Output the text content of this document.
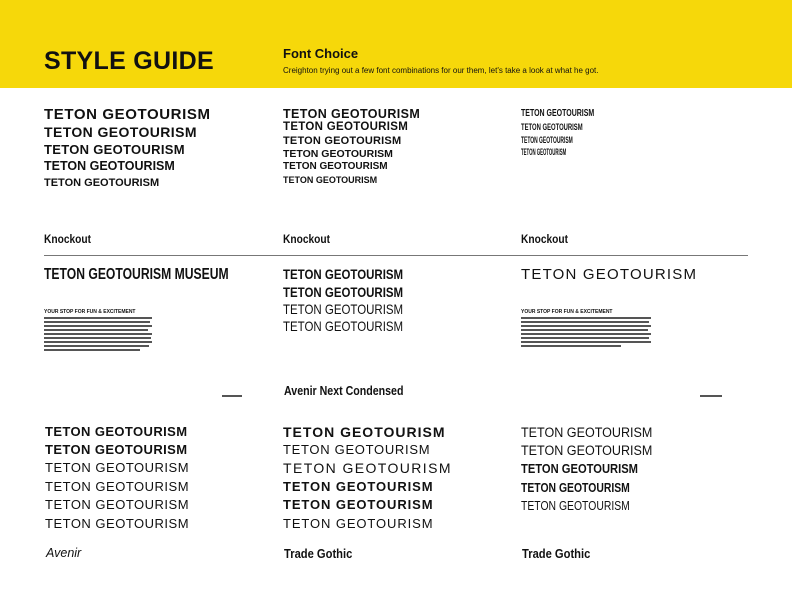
STYLE GUIDE	Font Choice
Creighton trying out a few font combinations for our them, let's take a look at what he got.
TETON GEOTOURISM
TETON GEOTOURISM
TETON GEOTOURISM
TETON GEOTOURISM
TETON GEOTOURISM
TETON GEOTOURISM
TETON GEOTOURISM
TETON GEOTOURISM
TETON GEOTOURISM
TETON GEOTOURISM
TETON GEOTOURISM
TETON GEOTOURISM
TETON GEOTOURISM
TETON GEOTOURISM
TETON GEOTOURISM
Knockout	Knockout	Knockout
TETON GEOTOURISM MUSEUM
YOUR STOP FOR FUN & EXCITEMENT
TETON GEOTOURISM
TETON GEOTOURISM
TETON GEOTOURISM
TETON GEOTOURISM
Avenir Next Condensed
TETON GEOTOURISM
YOUR STOP FOR FUN & EXCITEMENT
TETON GEOTOURISM
TETON GEOTOURISM
TETON GEOTOURISM
TETON GEOTOURISM
TETON GEOTOURISM
TETON GEOTOURISM
Avenir
TETON GEOTOURISM
TETON GEOTOURISM
TETON GEOTOURISM
TETON GEOTOURISM
TETON GEOTOURISM
TETON GEOTOURISM
Trade Gothic
TETON GEOTOURISM
TETON GEOTOURISM
TETON GEOTOURISM
TETON GEOTOURISM
TETON GEOTOURISM
Trade Gothic
